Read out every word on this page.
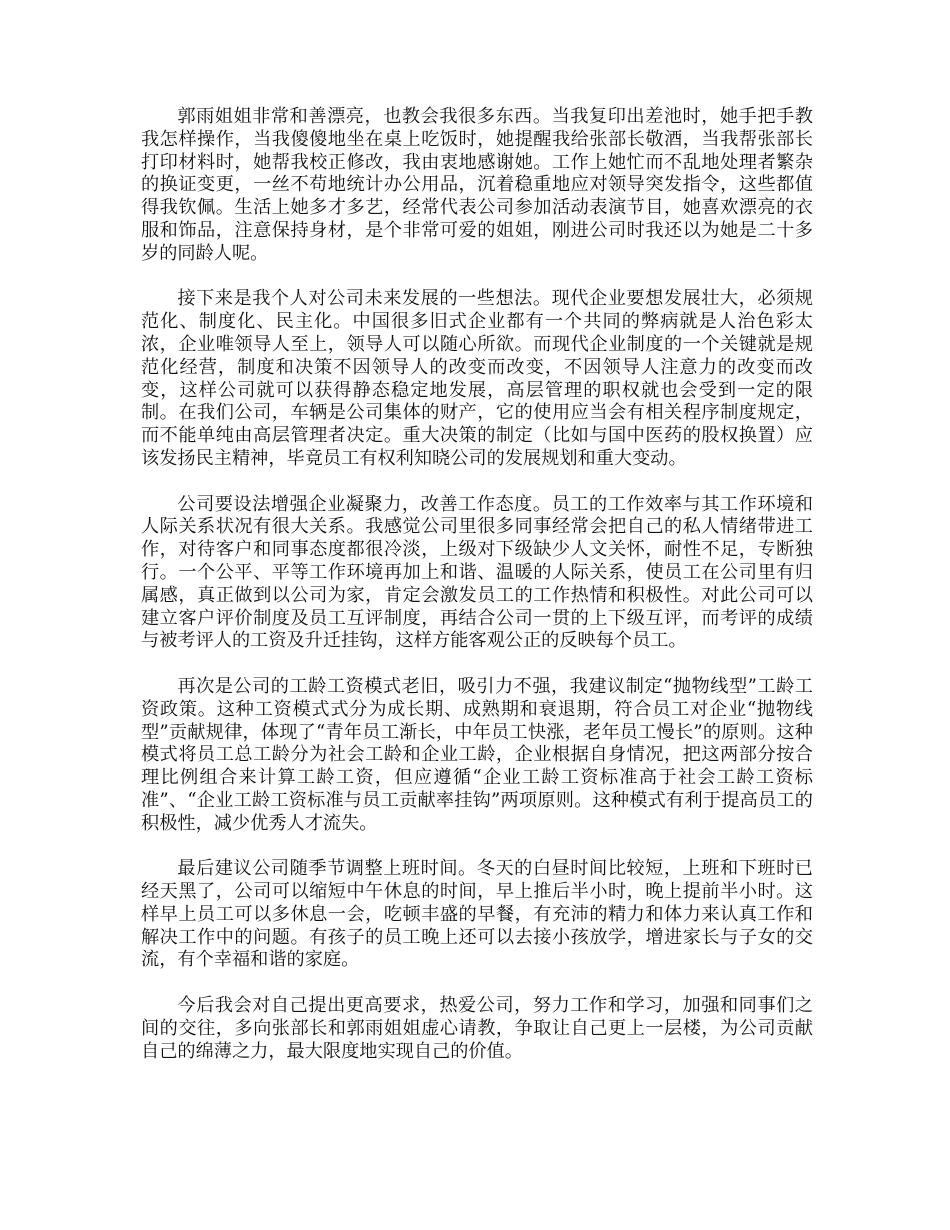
郭雨姐姐非常和善漂亮，也教会我很多东西。当我复印出差池时，她手把手教我怎样操作，当我傻傻地坐在桌上吃饭时，她提醒我给张部长敬酒，当我帮张部长打印材料时，她帮我校正修改，我由衷地感谢她。工作上她忙而不乱地处理者繁杂的换证变更，一丝不苟地统计办公用品，沉着稳重地应对领导突发指令，这些都值得我钦佩。生活上她多才多艺，经常代表公司参加活动表演节目，她喜欢漂亮的衣服和饰品，注意保持身材，是个非常可爱的姐姐，刚进公司时我还以为她是二十多岁的同龄人呢。

接下来是我个人对公司未来发展的一些想法。现代企业要想发展壮大，必须规范化、制度化、民主化。中国很多旧式企业都有一个共同的弊病就是人治色彩太浓，企业唯领导人至上，领导人可以随心所欲。而现代企业制度的一个关键就是规范化经营，制度和决策不因领导人的改变而改变，不因领导人注意力的改变而改变，这样公司就可以获得静态稳定地发展，高层管理的职权就也会受到一定的限制。在我们公司，车辆是公司集体的财产，它的使用应当会有相关程序制度规定，而不能单纯由高层管理者决定。重大决策的制定（比如与国中医药的股权换置）应该发扬民主精神，毕竟员工有权利知晓公司的发展规划和重大变动。

公司要设法增强企业凝聚力，改善工作态度。员工的工作效率与其工作环境和人际关系状况有很大关系。我感觉公司里很多同事经常会把自己的私人情绪带进工作，对待客户和同事态度都很冷淡，上级对下级缺少人文关怀，耐性不足，专断独行。一个公平、平等工作环境再加上和谐、温暖的人际关系，使员工在公司里有归属感，真正做到以公司为家，肯定会激发员工的工作热情和积极性。对此公司可以建立客户评价制度及员工互评制度，再结合公司一贯的上下级互评，而考评的成绩与被考评人的工资及升迁挂钩，这样方能客观公正的反映每个员工。

再次是公司的工龄工资模式老旧，吸引力不强，我建议制定“抛物线型”工龄工资政策。这种工资模式式分为成长期、成熟期和衰退期，符合员工对企业“抛物线型”贡献规律，体现了“青年员工渐长，中年员工快涨，老年员工慢长”的原则。这种模式将员工总工龄分为社会工龄和企业工龄，企业根据自身情况，把这两部分按合理比例组合来计算工龄工资，但应遵循“企业工龄工资标准高于社会工龄工资标准”、“企业工龄工资标准与员工贡献率挂钩”两项原则。这种模式有利于提高员工的积极性，减少优秀人才流失。

最后建议公司随季节调整上班时间。冬天的白昼时间比较短，上班和下班时已经天黑了，公司可以缩短中午休息的时间，早上推后半小时，晚上提前半小时。这样早上员工可以多休息一会，吃顿丰盛的早餐，有充沛的精力和体力来认真工作和解决工作中的问题。有孩子的员工晚上还可以去接小孩放学，增进家长与子女的交流，有个幸福和谐的家庭。

今后我会对自己提出更高要求，热爱公司，努力工作和学习，加强和同事们之间的交往，多向张部长和郭雨姐姐虚心请教，争取让自己更上一层楼，为公司贡献自己的绵薄之力，最大限度地实现自己的价值。
